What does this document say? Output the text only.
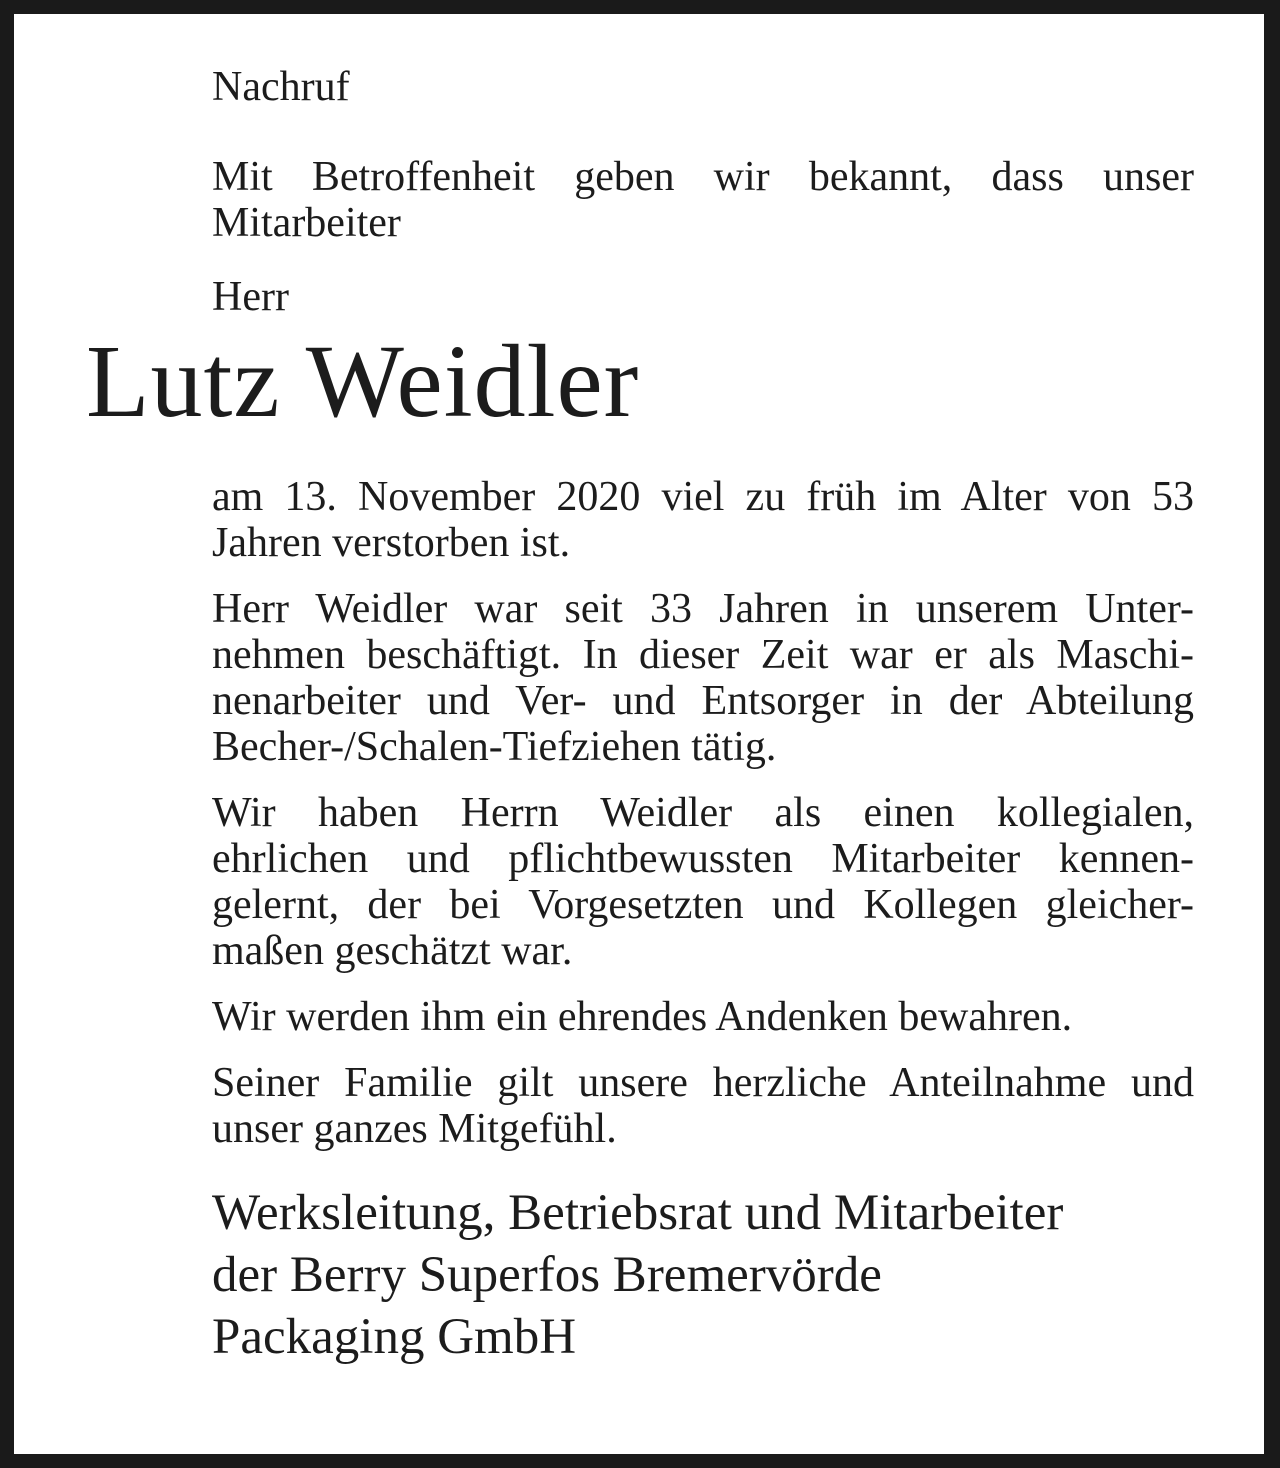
Nachruf

Mit Betroffenheit geben wir bekannt, dass unser

Mitarbeiter

Herr

Lutz Weidler

am 13. November 2020 viel zu früh im Alter von 53

Jahren verstorben ist.

Herr Weidler war seit 33 Jahren in unserem Unter-

nehmen beschäftigt. In dieser Zeit war er als Maschi-

nenarbeiter und Ver- und Entsorger in der Abteilung

Becher-/Schalen-Tiefziehen tätig.

Wir haben Herrn Weidler als einen kollegialen,

ehrlichen und pflichtbewussten Mitarbeiter kennen-

gelernt, der bei Vorgesetzten und Kollegen gleicher-

maßen geschätzt war.

Wir werden ihm ein ehrendes Andenken bewahren.

Seiner Familie gilt unsere herzliche Anteilnahme und

unser ganzes Mitgefühl.

Werksleitung, Betriebsrat und Mitarbeiter

der Berry Superfos Bremervörde

Packaging GmbH
